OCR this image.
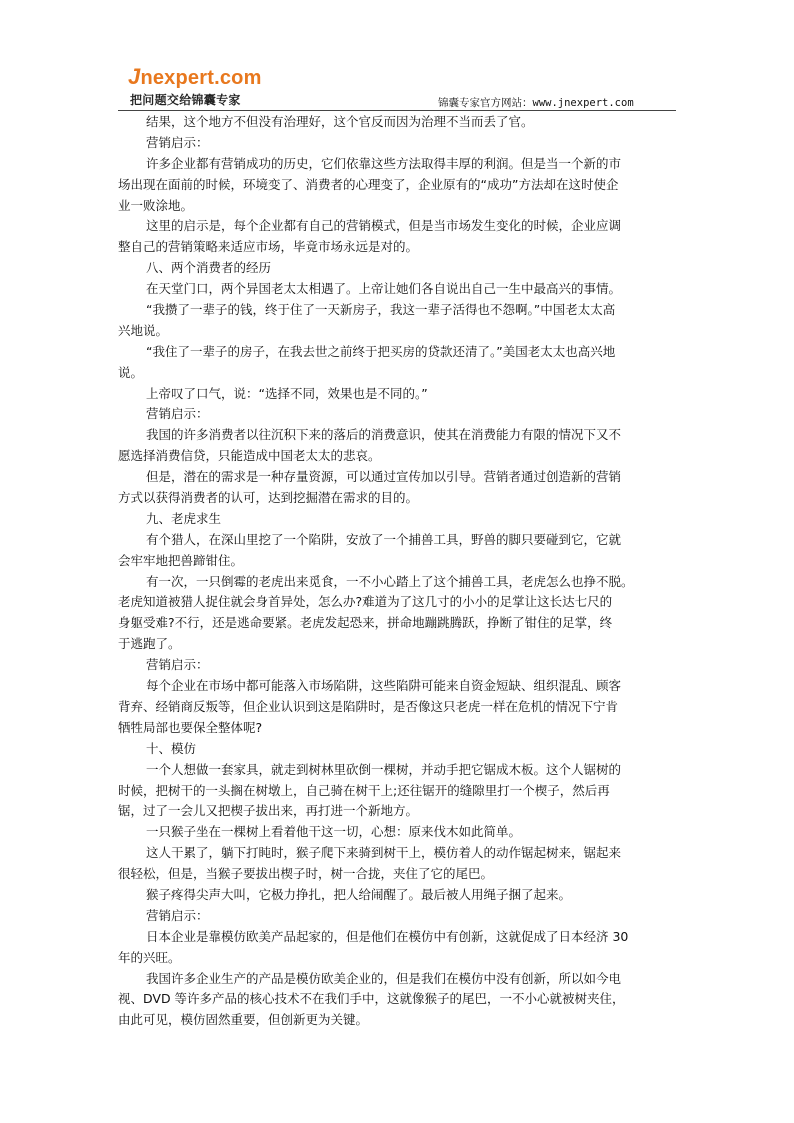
Jnexpert.com
把问题交给锦囊专家	锦囊专家官方网站：www.jnexpert.com
结果，这个地方不但没有治理好，这个官反而因为治理不当而丢了官。
营销启示：
许多企业都有营销成功的历史，它们依靠这些方法取得丰厚的利润。但是当一个新的市
场出现在面前的时候，环境变了、消费者的心理变了，企业原有的“成功”方法却在这时使企
业一败涂地。
这里的启示是，每个企业都有自己的营销模式，但是当市场发生变化的时候，企业应调
整自己的营销策略来适应市场，毕竟市场永远是对的。
八、两个消费者的经历
在天堂门口，两个异国老太太相遇了。上帝让她们各自说出自己一生中最高兴的事情。
“我攒了一辈子的钱，终于住了一天新房子，我这一辈子活得也不怨啊。”中国老太太高
兴地说。
“我住了一辈子的房子，在我去世之前终于把买房的贷款还清了。”美国老太太也高兴地
说。
上帝叹了口气，说：“选择不同，效果也是不同的。”
营销启示：
我国的许多消费者以往沉积下来的落后的消费意识，使其在消费能力有限的情况下又不
愿选择消费信贷，只能造成中国老太太的悲哀。
但是，潜在的需求是一种存量资源，可以通过宣传加以引导。营销者通过创造新的营销
方式以获得消费者的认可，达到挖掘潜在需求的目的。
九、老虎求生
有个猎人，在深山里挖了一个陷阱，安放了一个捕兽工具，野兽的脚只要碰到它，它就
会牢牢地把兽蹄钳住。
有一次，一只倒霉的老虎出来觅食，一不小心踏上了这个捕兽工具，老虎怎么也挣不脱。
老虎知道被猎人捉住就会身首异处，怎么办?难道为了这几寸的小小的足掌让这长达七尺的
身躯受难?不行，还是逃命要紧。老虎发起恐来，拼命地蹦跳腾跃，挣断了钳住的足掌，终
于逃跑了。
营销启示：
每个企业在市场中都可能落入市场陷阱，这些陷阱可能来自资金短缺、组织混乱、顾客
背弃、经销商反叛等，但企业认识到这是陷阱时，是否像这只老虎一样在危机的情况下宁肯
牺牲局部也要保全整体呢?
十、模仿
一个人想做一套家具，就走到树林里砍倒一棵树，并动手把它锯成木板。这个人锯树的
时候，把树干的一头搁在树墩上，自己骑在树干上;还往锯开的缝隙里打一个楔子，然后再
锯，过了一会儿又把楔子拔出来，再打进一个新地方。
一只猴子坐在一棵树上看着他干这一切，心想：原来伐木如此简单。
这人干累了，躺下打盹时，猴子爬下来骑到树干上，模仿着人的动作锯起树来，锯起来
很轻松，但是，当猴子要拔出楔子时，树一合拢，夹住了它的尾巴。
猴子疼得尖声大叫，它极力挣扎，把人给闹醒了。最后被人用绳子捆了起来。
营销启示：
日本企业是靠模仿欧美产品起家的，但是他们在模仿中有创新，这就促成了日本经济 30
年的兴旺。
我国许多企业生产的产品是模仿欧美企业的，但是我们在模仿中没有创新，所以如今电
视、DVD 等许多产品的核心技术不在我们手中，这就像猴子的尾巴，一不小心就被树夹住，
由此可见，模仿固然重要，但创新更为关键。
